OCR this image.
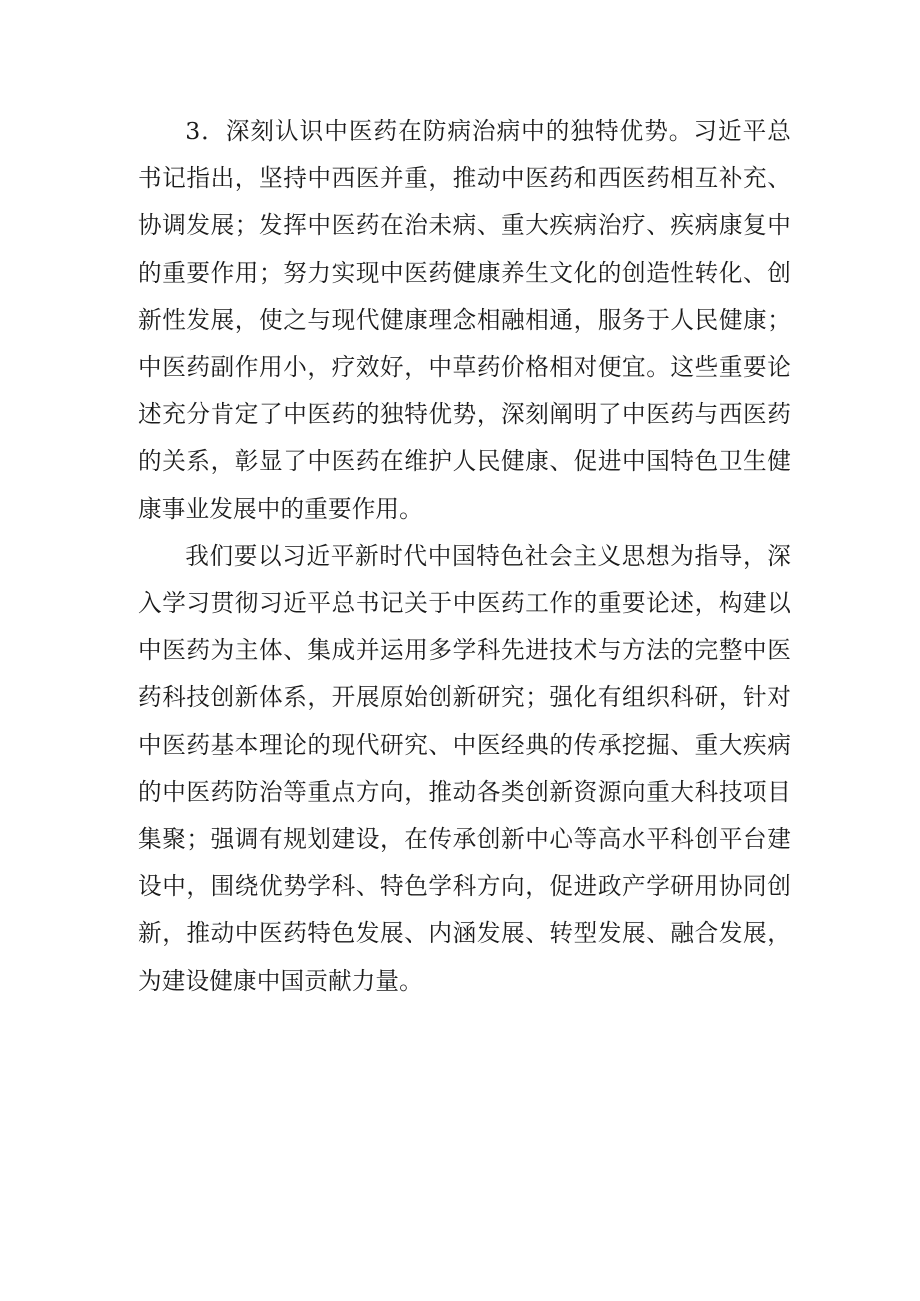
3．深刻认识中医药在防病治病中的独特优势。习近平总书记指出，坚持中西医并重，推动中医药和西医药相互补充、协调发展；发挥中医药在治未病、重大疾病治疗、疾病康复中的重要作用；努力实现中医药健康养生文化的创造性转化、创新性发展，使之与现代健康理念相融相通，服务于人民健康；中医药副作用小，疗效好，中草药价格相对便宜。这些重要论述充分肯定了中医药的独特优势，深刻阐明了中医药与西医药的关系，彰显了中医药在维护人民健康、促进中国特色卫生健康事业发展中的重要作用。

我们要以习近平新时代中国特色社会主义思想为指导，深入学习贯彻习近平总书记关于中医药工作的重要论述，构建以中医药为主体、集成并运用多学科先进技术与方法的完整中医药科技创新体系，开展原始创新研究；强化有组织科研，针对中医药基本理论的现代研究、中医经典的传承挖掘、重大疾病的中医药防治等重点方向，推动各类创新资源向重大科技项目集聚；强调有规划建设，在传承创新中心等高水平科创平台建设中，围绕优势学科、特色学科方向，促进政产学研用协同创新，推动中医药特色发展、内涵发展、转型发展、融合发展，为建设健康中国贡献力量。
